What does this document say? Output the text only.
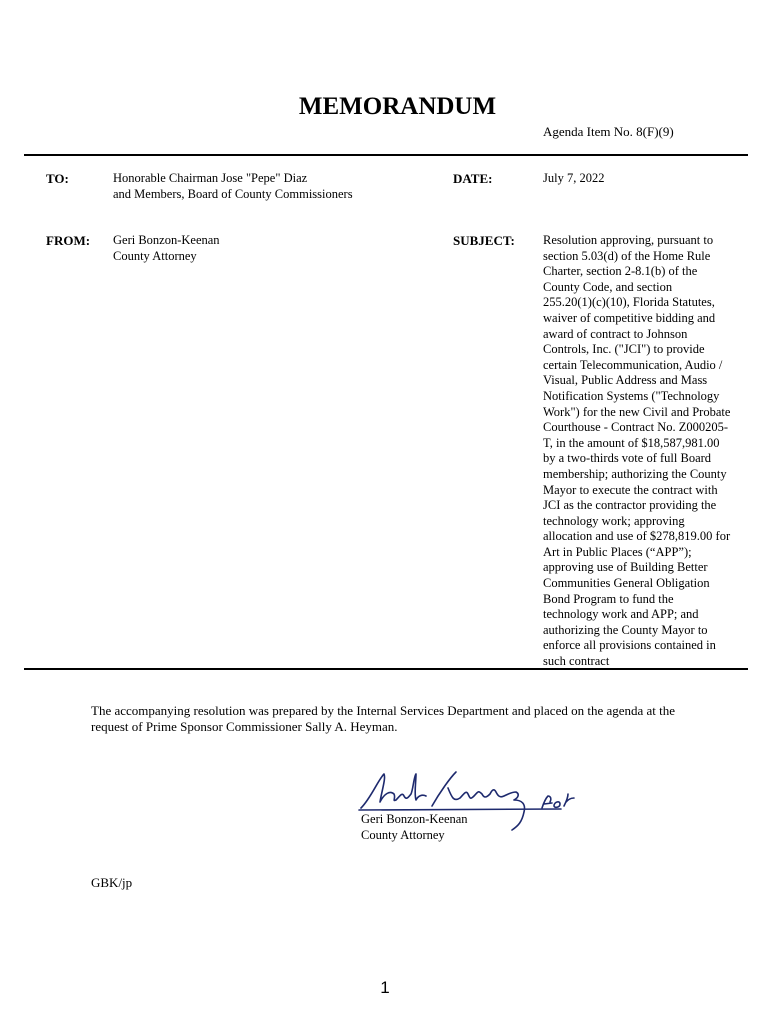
MEMORANDUM
Agenda Item No. 8(F)(9)
TO:	Honorable Chairman Jose "Pepe" Diaz
and Members, Board of County Commissioners
DATE:	July 7, 2022
FROM: Geri Bonzon-Keenan
County Attorney
SUBJECT: Resolution approving, pursuant to
section 5.03(d) of the Home Rule
Charter, section 2-8.1(b) of the
County Code, and section
255.20(1)(c)(10), Florida Statutes,
waiver of competitive bidding and
award of contract to Johnson
Controls, Inc. ("JCI") to provide
certain Telecommunication, Audio /
Visual, Public Address and Mass
Notification Systems ("Technology
Work") for the new Civil and Probate
Courthouse - Contract No. Z000205-
T, in the amount of $18,587,981.00
by a two-thirds vote of full Board
membership; authorizing the County
Mayor to execute the contract with
JCI as the contractor providing the
technology work; approving
allocation and use of $278,819.00 for
Art in Public Places (“APP”);
approving use of Building Better
Communities General Obligation
Bond Program to fund the
technology work and APP; and
authorizing the County Mayor to
enforce all provisions contained in
such contract
The accompanying resolution was prepared by the Internal Services Department and placed on the agenda at the
request of Prime Sponsor Commissioner Sally A. Heyman.
Geri Bonzon-Keenan
County Attorney
GBK/jp
1
